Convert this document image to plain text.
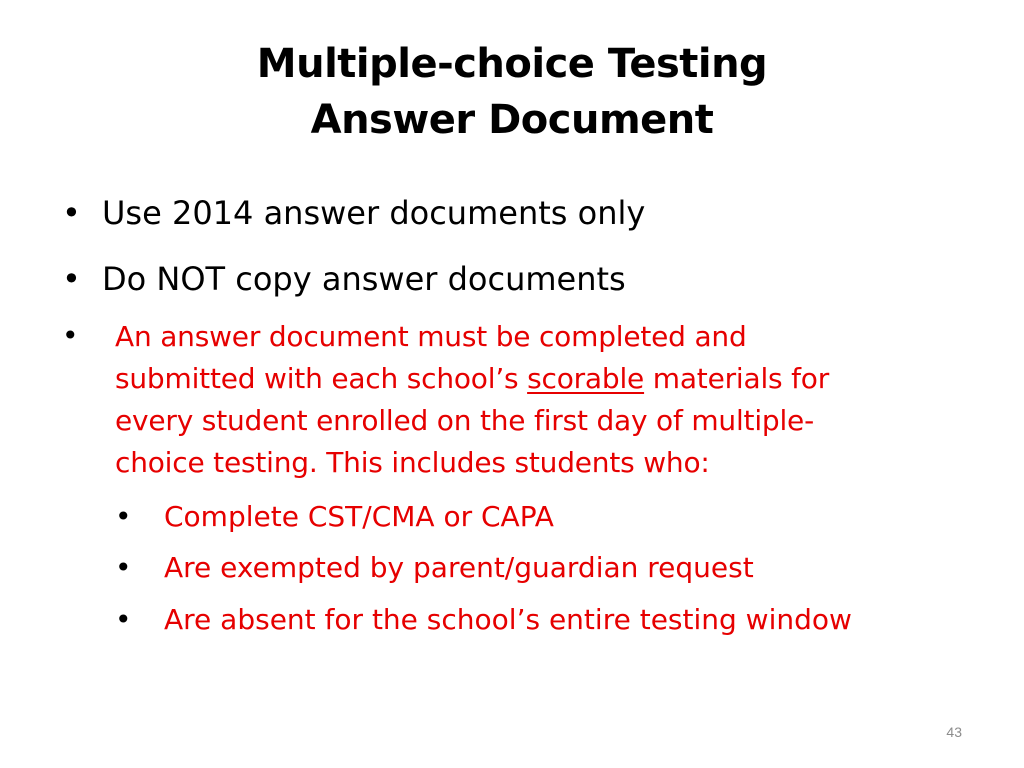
Multiple-choice Testing
Answer Document
• Use 2014 answer documents only
• Do NOT copy answer documents
• An answer document must be completed and
submitted with each school’s scorable materials for
every student enrolled on the first day of multiple-
choice testing. This includes students who:
• Complete CST/CMA or CAPA
• Are exempted by parent/guardian request
• Are absent for the school’s entire testing window
43
